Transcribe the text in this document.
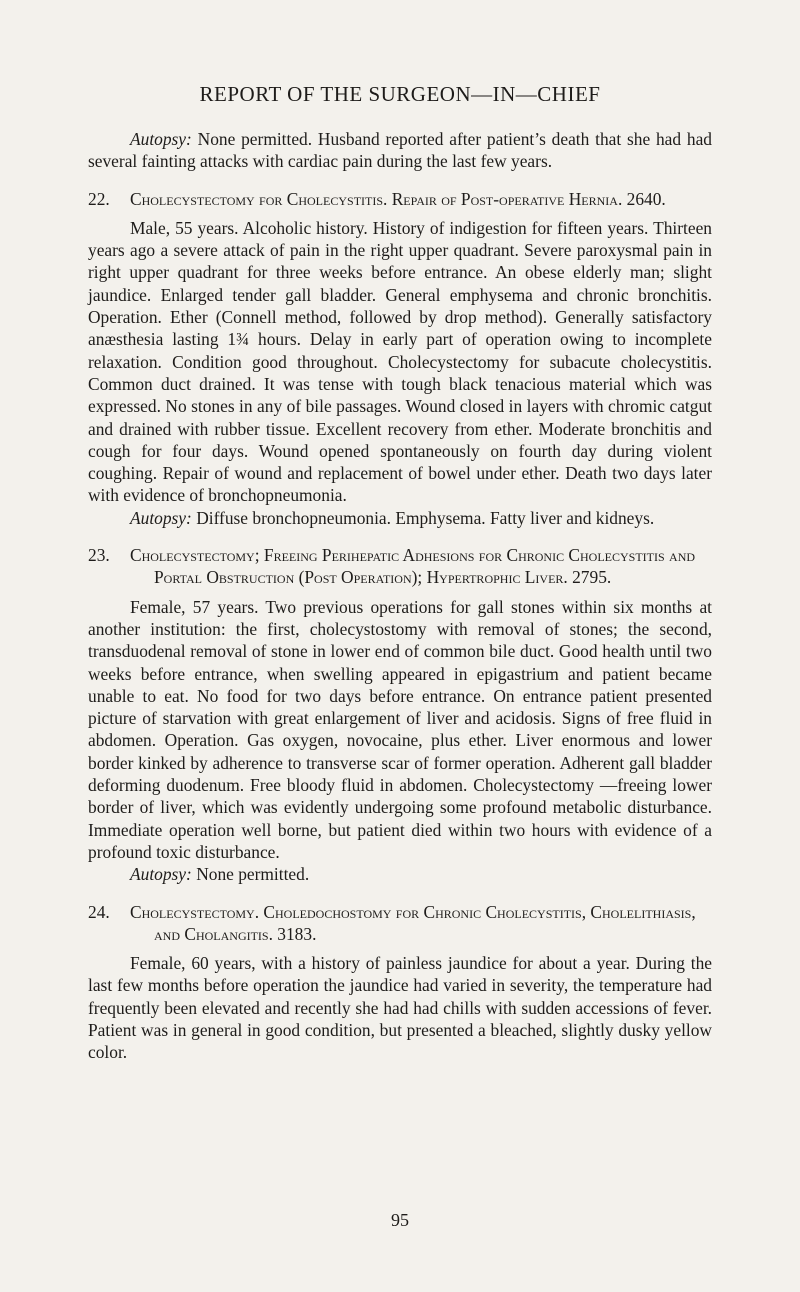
REPORT OF THE SURGEON—IN—CHIEF

Autopsy: None permitted. Husband reported after patient’s death that she had had several fainting attacks with cardiac pain during the last few years.

22.	Cholecystectomy for Cholecystitis. Repair of Post-operative Hernia. 2640.

Male, 55 years. Alcoholic history. History of indigestion for fifteen years. Thirteen years ago a severe attack of pain in the right upper quadrant. Severe paroxysmal pain in right upper quadrant for three weeks before entrance. An obese elderly man; slight jaundice. Enlarged tender gall bladder. General emphysema and chronic bronchitis. Operation. Ether (Connell method, followed by drop method). Generally satisfactory anæsthesia lasting 1¾ hours. Delay in early part of operation owing to incomplete relaxation. Condition good throughout. Cholecystectomy for subacute cholecystitis. Common duct drained. It was tense with tough black tenacious material which was expressed. No stones in any of bile passages. Wound closed in layers with chromic catgut and drained with rubber tissue. Excellent recovery from ether. Moderate bronchitis and cough for four days. Wound opened spontaneously on fourth day during violent coughing. Repair of wound and replacement of bowel under ether. Death two days later with evidence of bronchopneumonia.

Autopsy: Diffuse bronchopneumonia. Emphysema. Fatty liver and kidneys.

23.	Cholecystectomy; Freeing Perihepatic Adhesions for Chronic Cholecystitis and Portal Obstruction (Post Operation); Hypertrophic Liver. 2795.

Female, 57 years. Two previous operations for gall stones within six months at another institution: the first, cholecystostomy with removal of stones; the second, transduodenal removal of stone in lower end of common bile duct. Good health until two weeks before entrance, when swelling appeared in epigastrium and patient became unable to eat. No food for two days before entrance. On entrance patient presented picture of starvation with great enlargement of liver and acidosis. Signs of free fluid in abdomen. Operation. Gas oxygen, novocaine, plus ether. Liver enormous and lower border kinked by adherence to transverse scar of former operation. Adherent gall bladder deforming duodenum. Free bloody fluid in abdomen. Cholecystectomy —freeing lower border of liver, which was evidently undergoing some profound metabolic disturbance. Immediate operation well borne, but patient died within two hours with evidence of a profound toxic disturbance.

Autopsy: None permitted.

24.	Cholecystectomy. Choledochostomy for Chronic Cholecystitis, Cholelithiasis, and Cholangitis. 3183.

Female, 60 years, with a history of painless jaundice for about a year. During the last few months before operation the jaundice had varied in severity, the temperature had frequently been elevated and recently she had had chills with sudden accessions of fever. Patient was in general in good condition, but presented a bleached, slightly dusky yellow color.

95
